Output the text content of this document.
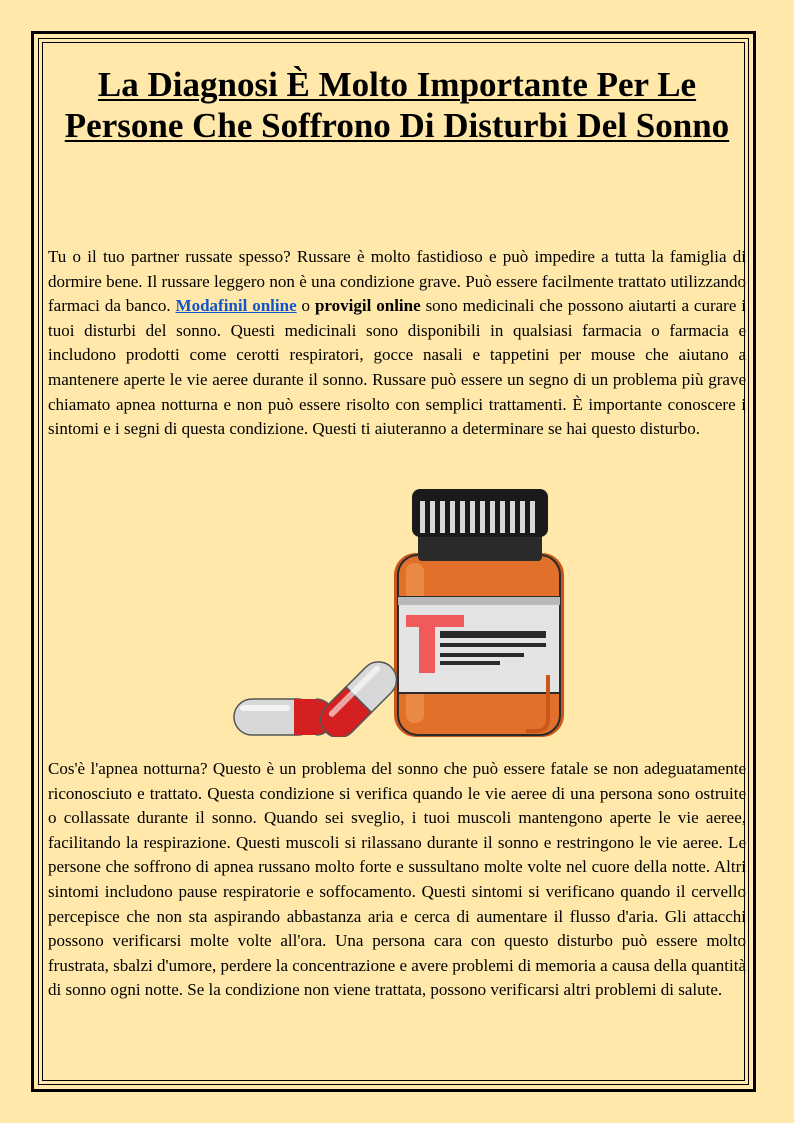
La Diagnosi È Molto Importante Per Le Persone Che Soffrono Di Disturbi Del Sonno

Tu o il tuo partner russate spesso? Russare è molto fastidioso e può impedire a tutta la famiglia di dormire bene. Il russare leggero non è una condizione grave. Può essere facilmente trattato utilizzando farmaci da banco. Modafinil online o provigil online sono medicinali che possono aiutarti a curare i tuoi disturbi del sonno. Questi medicinali sono disponibili in qualsiasi farmacia o farmacia e includono prodotti come cerotti respiratori, gocce nasali e tappetini per mouse che aiutano a mantenere aperte le vie aeree durante il sonno. Russare può essere un segno di un problema più grave chiamato apnea notturna e non può essere risolto con semplici trattamenti. È importante conoscere i sintomi e i segni di questa condizione. Questi ti aiuteranno a determinare se hai questo disturbo.

Cos'è l'apnea notturna? Questo è un problema del sonno che può essere fatale se non adeguatamente riconosciuto e trattato. Questa condizione si verifica quando le vie aeree di una persona sono ostruite o collassate durante il sonno. Quando sei sveglio, i tuoi muscoli mantengono aperte le vie aeree, facilitando la respirazione. Questi muscoli si rilassano durante il sonno e restringono le vie aeree. Le persone che soffrono di apnea russano molto forte e sussultano molte volte nel cuore della notte. Altri sintomi includono pause respiratorie e soffocamento. Questi sintomi si verificano quando il cervello percepisce che non sta aspirando abbastanza aria e cerca di aumentare il flusso d'aria. Gli attacchi possono verificarsi molte volte all'ora. Una persona cara con questo disturbo può essere molto frustrata, sbalzi d'umore, perdere la concentrazione e avere problemi di memoria a causa della quantità di sonno ogni notte. Se la condizione non viene trattata, possono verificarsi altri problemi di salute.
